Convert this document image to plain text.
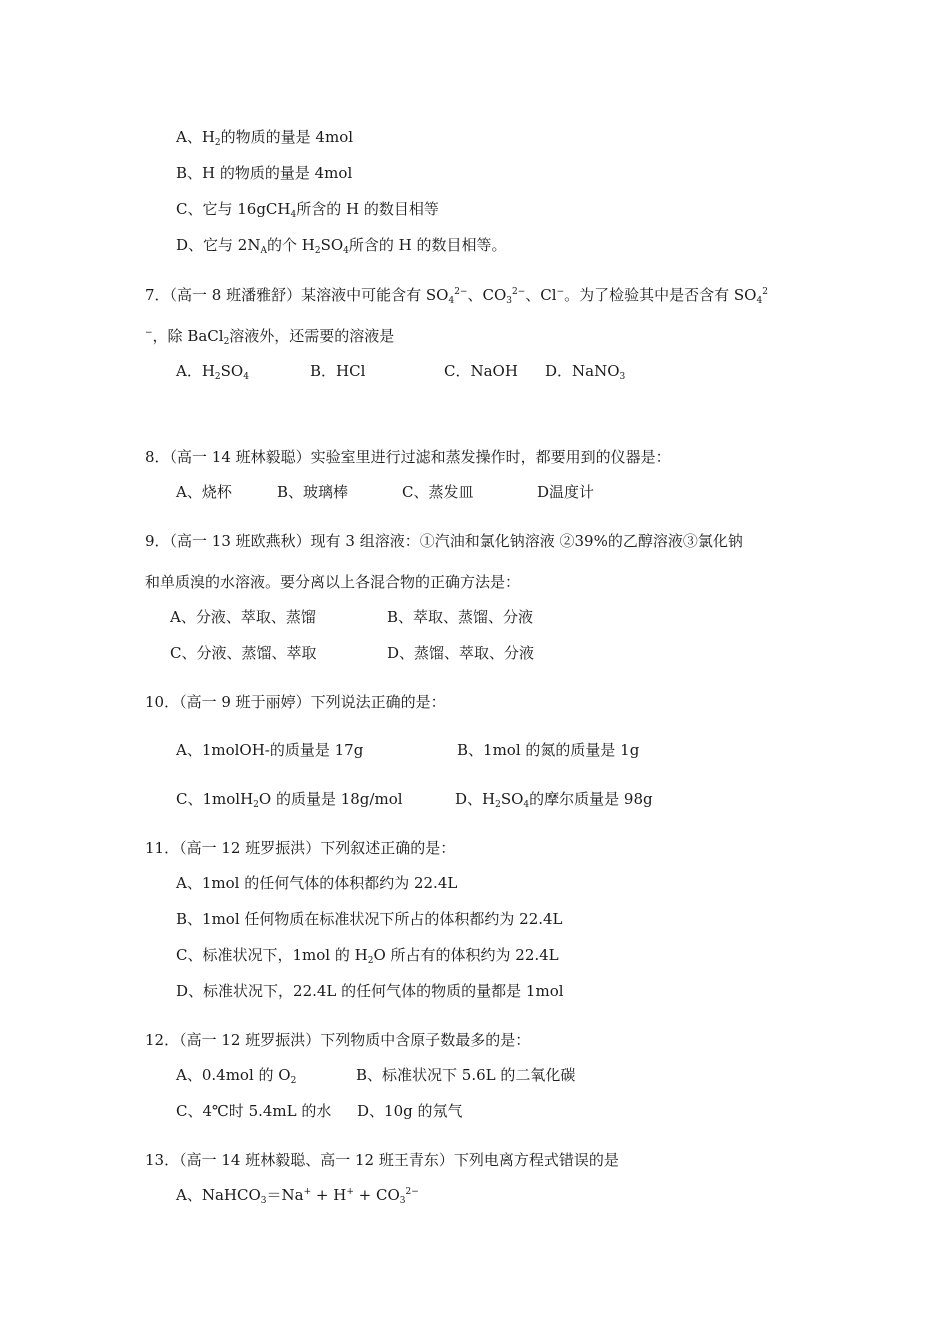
A、$H_2$的物质的量是 4mol
B、H 的物质的量是 4mol
C、它与 16gCH$_4$所含的 H 的数目相等
D、它与 $2N_A$的个 $H_2SO_4$所含的 H 的数目相等。
7．（高一 8 班潘雅舒）某溶液中可能含有 $SO_4^{2-}$、$CO_3^{2-}$、Cl−。为了检验其中是否含有 $SO_4^2$
−，除 BaCl$_2$溶液外，还需要的溶液是
A．$H_2SO_4$	B．HCl	C．NaOH D．NaNO$_3$
8．（高一 14 班林毅聪）实验室里进行过滤和蒸发操作时，都要用到的仪器是：
A、烧杯	B、玻璃棒	C、蒸发皿	D温度计
9．（高一 13 班欧燕秋）现有 3 组溶液：①汽油和氯化钠溶液 ②39%的乙醇溶液③氯化钠
和单质溴的水溶液。要分离以上各混合物的正确方法是：
A、分液、萃取、蒸馏	B、萃取、蒸馏、分液
C、分液、蒸馏、萃取	D、蒸馏、萃取、分液
10．（高一 9 班于丽婷）下列说法正确的是：
A、1molOH-的质量是 17g	B、1mol 的氮的质量是 1g
C、1molH$_2$O 的质量是 18g/mol	D、$H_2SO_4$的摩尔质量是 98g
11．（高一 12 班罗振洪）下列叙述正确的是：
A、1mol 的任何气体的体积都约为 22.4L
B、1mol 任何物质在标准状况下所占的体积都约为 22.4L
C、标准状况下，1mol 的 $H_2O$ 所占有的体积约为 22.4L
D、标准状况下，22.4L 的任何气体的物质的量都是 1mol
12．（高一 12 班罗振洪）下列物质中含原子数最多的是：
A、0.4mol 的 $O_2$	B、标准状况下 5.6L 的二氧化碳
C、4℃时 5.4mL 的水 D、10g 的氖气
13．（高一 14 班林毅聪、高一 12 班王青东）下列电离方程式错误的是
A、NaHCO$_3$＝Na+ + $H^+ + CO_3^{2-}$
